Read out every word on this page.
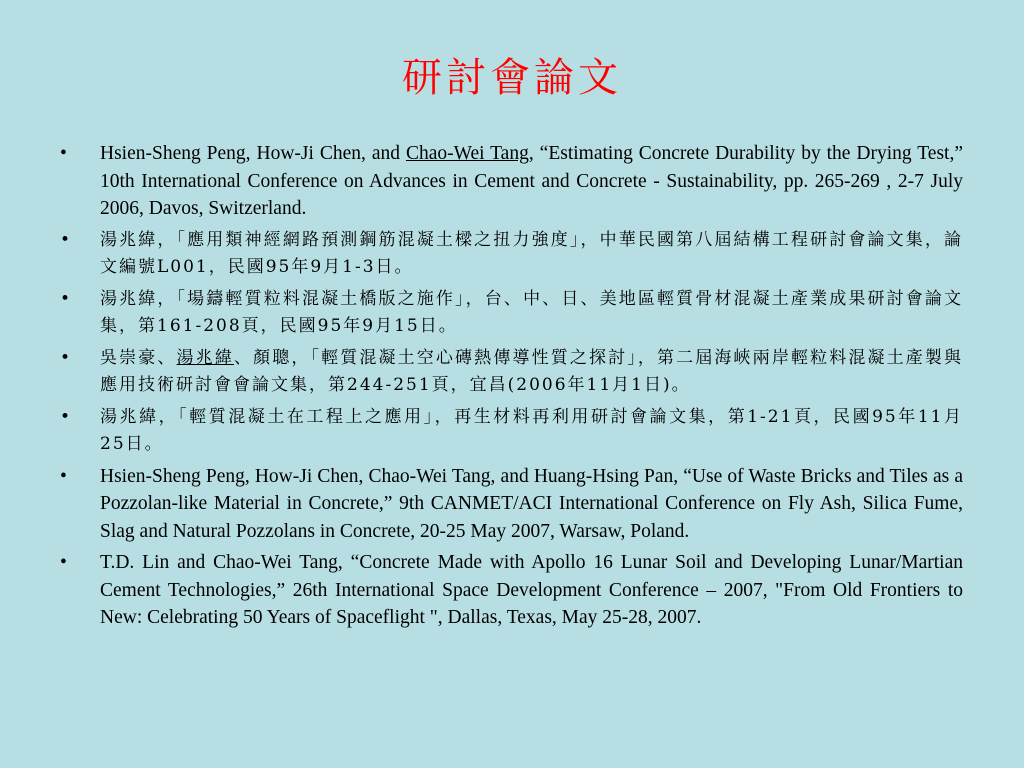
研討會論文
• Hsien-Sheng Peng, How-Ji Chen, and Chao-Wei Tang, “Estimating Concrete Durability by the Drying Test,” 10th International Conference on Advances in Cement and Concrete - Sustainability, pp. 265-269 , 2-7 July 2006, Davos, Switzerland.
• 湯兆緯，「應用類神經網路預測鋼筋混凝土樑之扭力強度」，中華民國第八屆結構工程研討會論文集，論文編號L001，民國95年9月1-3日。
• 湯兆緯，「場鑄輕質粒料混凝土橋版之施作」，台、中、日、美地區輕質骨材混凝土產業成果研討會論文集，第161-208頁，民國95年9月15日。
• 吳崇豪、湯兆緯、顏聰，「輕質混凝土空心磚熱傳導性質之探討」，第二屆海峽兩岸輕粒料混凝土產製與應用技術研討會會論文集，第244-251頁，宜昌(2006年11月1日)。
• 湯兆緯，「輕質混凝土在工程上之應用」，再生材料再利用研討會論文集，第1-21頁，民國95年11月25日。
• Hsien-Sheng Peng, How-Ji Chen, Chao-Wei Tang, and Huang-Hsing Pan, “Use of Waste Bricks and Tiles as a Pozzolan-like Material in Concrete,” 9th CANMET/ACI International Conference on Fly Ash, Silica Fume, Slag and Natural Pozzolans in Concrete, 20-25 May 2007, Warsaw, Poland.
• T.D. Lin and Chao-Wei Tang, “Concrete Made with Apollo 16 Lunar Soil and Developing Lunar/Martian Cement Technologies,” 26th International Space Development Conference – 2007, "From Old Frontiers to New: Celebrating 50 Years of Spaceflight ", Dallas, Texas, May 25-28, 2007.
